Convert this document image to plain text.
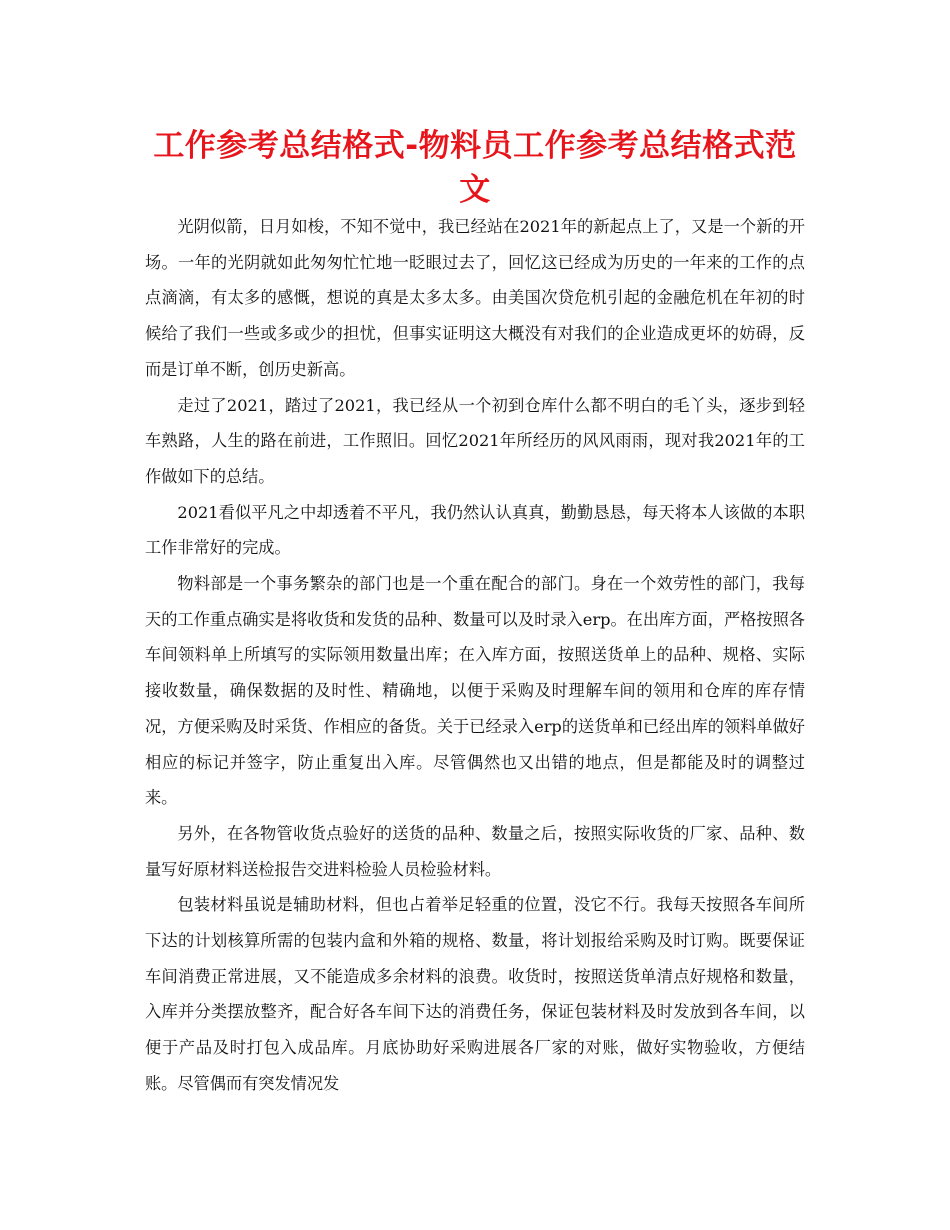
工作参考总结格式-物料员工作参考总结格式范文

光阴似箭，日月如梭，不知不觉中，我已经站在2021年的新起点上了，又是一个新的开场。一年的光阴就如此匆匆忙忙地一眨眼过去了，回忆这已经成为历史的一年来的工作的点点滴滴，有太多的感慨，想说的真是太多太多。由美国次贷危机引起的金融危机在年初的时候给了我们一些或多或少的担忧，但事实证明这大概没有对我们的企业造成更坏的妨碍，反而是订单不断，创历史新高。

走过了2021，踏过了2021，我已经从一个初到仓库什么都不明白的毛丫头，逐步到轻车熟路，人生的路在前进，工作照旧。回忆2021年所经历的风风雨雨，现对我2021年的工作做如下的总结。

2021看似平凡之中却透着不平凡，我仍然认认真真，勤勤恳恳，每天将本人该做的本职工作非常好的完成。

物料部是一个事务繁杂的部门也是一个重在配合的部门。身在一个效劳性的部门，我每天的工作重点确实是将收货和发货的品种、数量可以及时录入erp。在出库方面，严格按照各车间领料单上所填写的实际领用数量出库；在入库方面，按照送货单上的品种、规格、实际接收数量，确保数据的及时性、精确地，以便于采购及时理解车间的领用和仓库的库存情况，方便采购及时采货、作相应的备货。关于已经录入erp的送货单和已经出库的领料单做好相应的标记并签字，防止重复出入库。尽管偶然也又出错的地点，但是都能及时的调整过来。

另外，在各物管收货点验好的送货的品种、数量之后，按照实际收货的厂家、品种、数量写好原材料送检报告交进料检验人员检验材料。

包装材料虽说是辅助材料，但也占着举足轻重的位置，没它不行。我每天按照各车间所下达的计划核算所需的包装内盒和外箱的规格、数量，将计划报给采购及时订购。既要保证车间消费正常进展，又不能造成多余材料的浪费。收货时，按照送货单清点好规格和数量，入库并分类摆放整齐，配合好各车间下达的消费任务，保证包装材料及时发放到各车间，以便于产品及时打包入成品库。月底协助好采购进展各厂家的对账，做好实物验收，方便结账。尽管偶而有突发情况发
